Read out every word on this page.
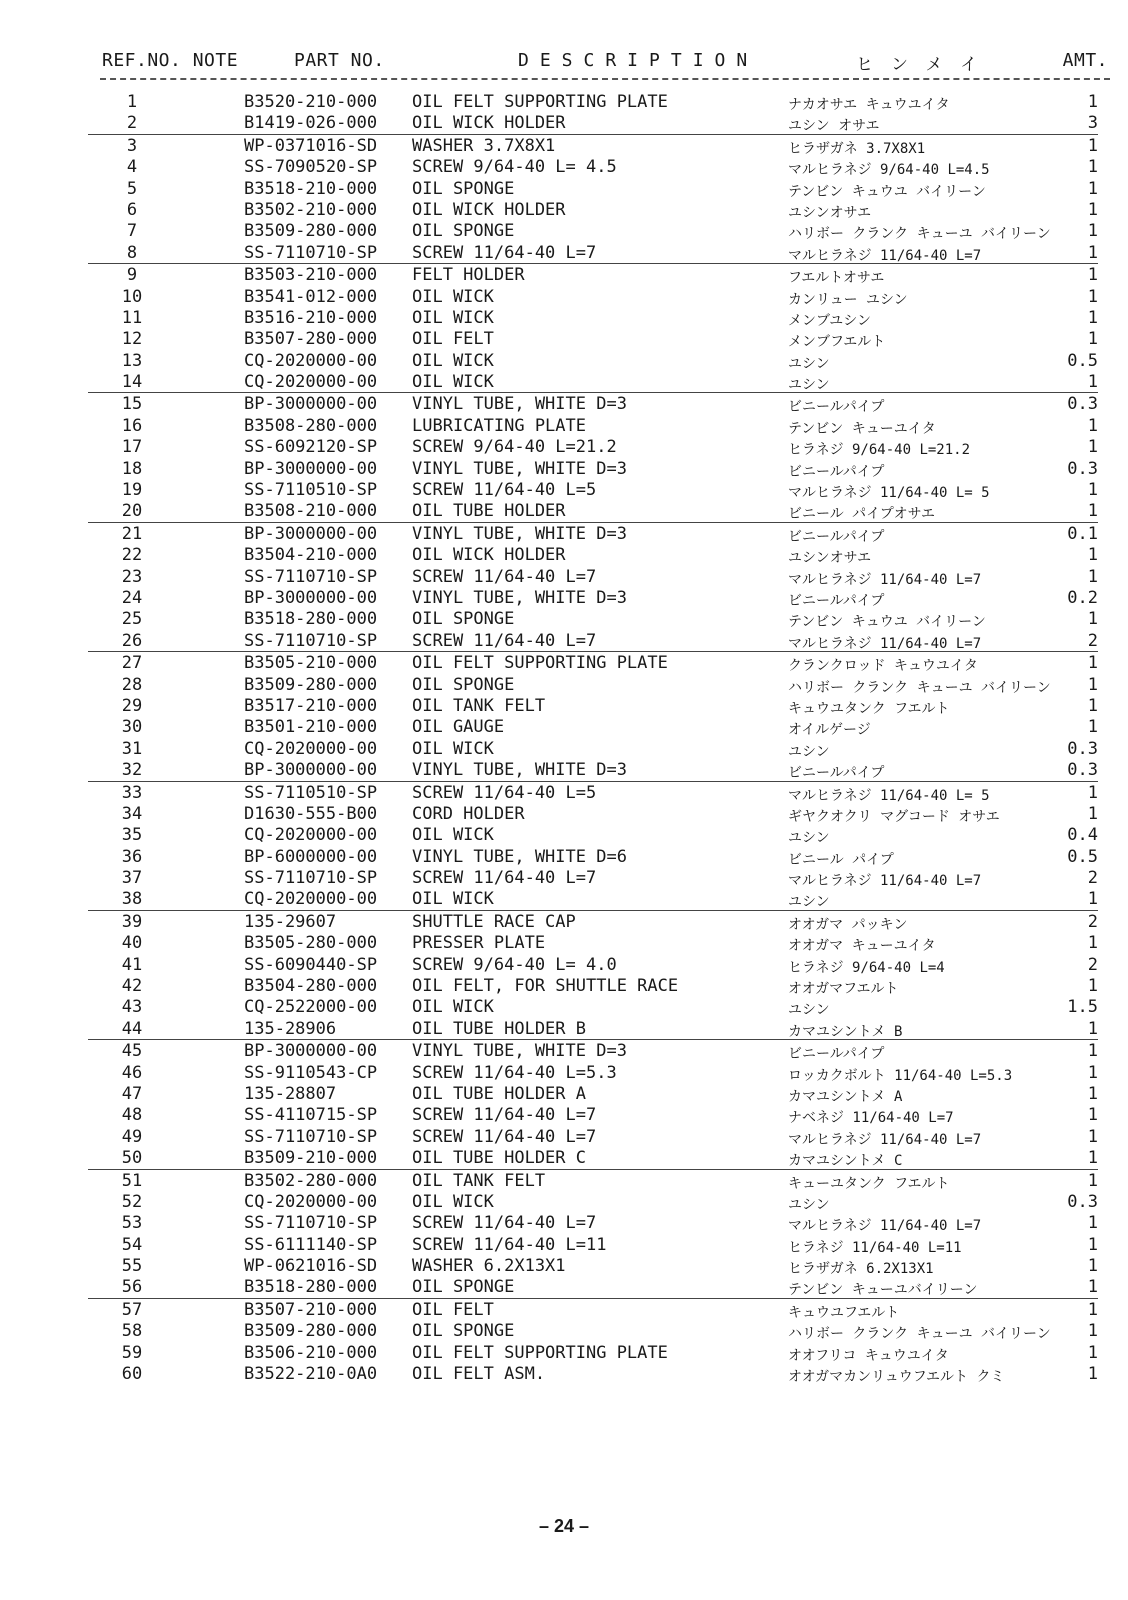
REF.NO. NOTE	PART NO.	DESCRIPTION	ヒンメイ	AMT.
1	B3520-210-000 OIL FELT SUPPORTING PLATE	ナカオサエ キュウユイタ	1
2	B1419-026-000 OIL WICK HOLDER	ユシン オサエ	3
3	WP-0371016-SD WASHER 3.7X8X1	ヒラザガネ 3.7X8X1	1
4	SS-7090520-SP SCREW 9/64-40 L= 4.5	マルヒラネジ 9/64-40 L=4.5	1
5	B3518-210-000 OIL SPONGE	テンビン キュウユ バイリーン	1
6	B3502-210-000 OIL WICK HOLDER	ユシンオサエ	1
7	B3509-280-000 OIL SPONGE	ハリボー クランク キューユ バイリーン 1
8	SS-7110710-SP SCREW 11/64-40 L=7	マルヒラネジ 11/64-40 L=7	1
9	B3503-210-000 FELT HOLDER	フエルトオサエ	1
10	B3541-012-000 OIL WICK	カンリュー ユシン	1
11	B3516-210-000 OIL WICK	メンブユシン	1
12	B3507-280-000 OIL FELT	メンブフエルト	1
13	CQ-2020000-00 OIL WICK	ユシン	0.5
14	CQ-2020000-00 OIL WICK	ユシン	1
15	BP-3000000-00 VINYL TUBE, WHITE D=3	ビニールパイプ	0.3
16	B3508-280-000 LUBRICATING PLATE	テンビン キューユイタ	1
17	SS-6092120-SP SCREW 9/64-40 L=21.2	ヒラネジ 9/64-40 L=21.2	1
18	BP-3000000-00 VINYL TUBE, WHITE D=3	ビニールパイプ	0.3
19	SS-7110510-SP SCREW 11/64-40 L=5	マルヒラネジ 11/64-40 L= 5	1
20	B3508-210-000 OIL TUBE HOLDER	ビニール パイプオサエ	1
21	BP-3000000-00 VINYL TUBE, WHITE D=3	ビニールパイプ	0.1
22	B3504-210-000 OIL WICK HOLDER	ユシンオサエ	1
23	SS-7110710-SP SCREW 11/64-40 L=7	マルヒラネジ 11/64-40 L=7	1
24	BP-3000000-00 VINYL TUBE, WHITE D=3	ビニールパイプ	0.2
25	B3518-280-000 OIL SPONGE	テンビン キュウユ バイリーン	1
26	SS-7110710-SP SCREW 11/64-40 L=7	マルヒラネジ 11/64-40 L=7	2
27	B3505-210-000 OIL FELT SUPPORTING PLATE	クランクロッド キュウユイタ	1
28	B3509-280-000 OIL SPONGE	ハリボー クランク キューユ バイリーン 1
29	B3517-210-000 OIL TANK FELT	キュウユタンク フエルト	1
30	B3501-210-000 OIL GAUGE	オイルゲージ	1
31	CQ-2020000-00 OIL WICK	ユシン	0.3
32	BP-3000000-00 VINYL TUBE, WHITE D=3	ビニールパイプ	0.3
33	SS-7110510-SP SCREW 11/64-40 L=5	マルヒラネジ 11/64-40 L= 5	1
34	D1630-555-B00 CORD HOLDER	ギヤクオクリ マグコード オサエ	1
35	CQ-2020000-00 OIL WICK	ユシン	0.4
36	BP-6000000-00 VINYL TUBE, WHITE D=6	ビニール パイプ	0.5
37	SS-7110710-SP SCREW 11/64-40 L=7	マルヒラネジ 11/64-40 L=7	2
38	CQ-2020000-00 OIL WICK	ユシン	1
39	135-29607	SHUTTLE RACE CAP	オオガマ パッキン	2
40	B3505-280-000 PRESSER PLATE	オオガマ キューユイタ	1
41	SS-6090440-SP SCREW 9/64-40 L= 4.0	ヒラネジ 9/64-40 L=4	2
42	B3504-280-000 OIL FELT, FOR SHUTTLE RACE	オオガマフエルト	1
43	CQ-2522000-00 OIL WICK	ユシン	1.5
44	135-28906	OIL TUBE HOLDER B	カマユシントメ B	1
45	BP-3000000-00 VINYL TUBE, WHITE D=3	ビニールパイプ	1
46	SS-9110543-CP SCREW 11/64-40 L=5.3	ロッカクボルト 11/64-40 L=5.3	1
47	135-28807	OIL TUBE HOLDER A	カマユシントメ A	1
48	SS-4110715-SP SCREW 11/64-40 L=7	ナベネジ 11/64-40 L=7	1
49	SS-7110710-SP SCREW 11/64-40 L=7	マルヒラネジ 11/64-40 L=7	1
50	B3509-210-000 OIL TUBE HOLDER C	カマユシントメ C	1
51	B3502-280-000 OIL TANK FELT	キューユタンク フエルト	1
52	CQ-2020000-00 OIL WICK	ユシン	0.3
53	SS-7110710-SP SCREW 11/64-40 L=7	マルヒラネジ 11/64-40 L=7	1
54	SS-6111140-SP SCREW 11/64-40 L=11	ヒラネジ 11/64-40 L=11	1
55	WP-0621016-SD WASHER 6.2X13X1	ヒラザガネ 6.2X13X1	1
56	B3518-280-000 OIL SPONGE	テンビン キューユバイリーン	1
57	B3507-210-000 OIL FELT	キュウユフエルト	1
58	B3509-280-000 OIL SPONGE	ハリボー クランク キューユ バイリーン 1
59	B3506-210-000 OIL FELT SUPPORTING PLATE	オオフリコ キュウユイタ	1
60	B3522-210-0A0 OIL FELT ASM.	オオガマカンリュウフエルト クミ	1
– 24 –
